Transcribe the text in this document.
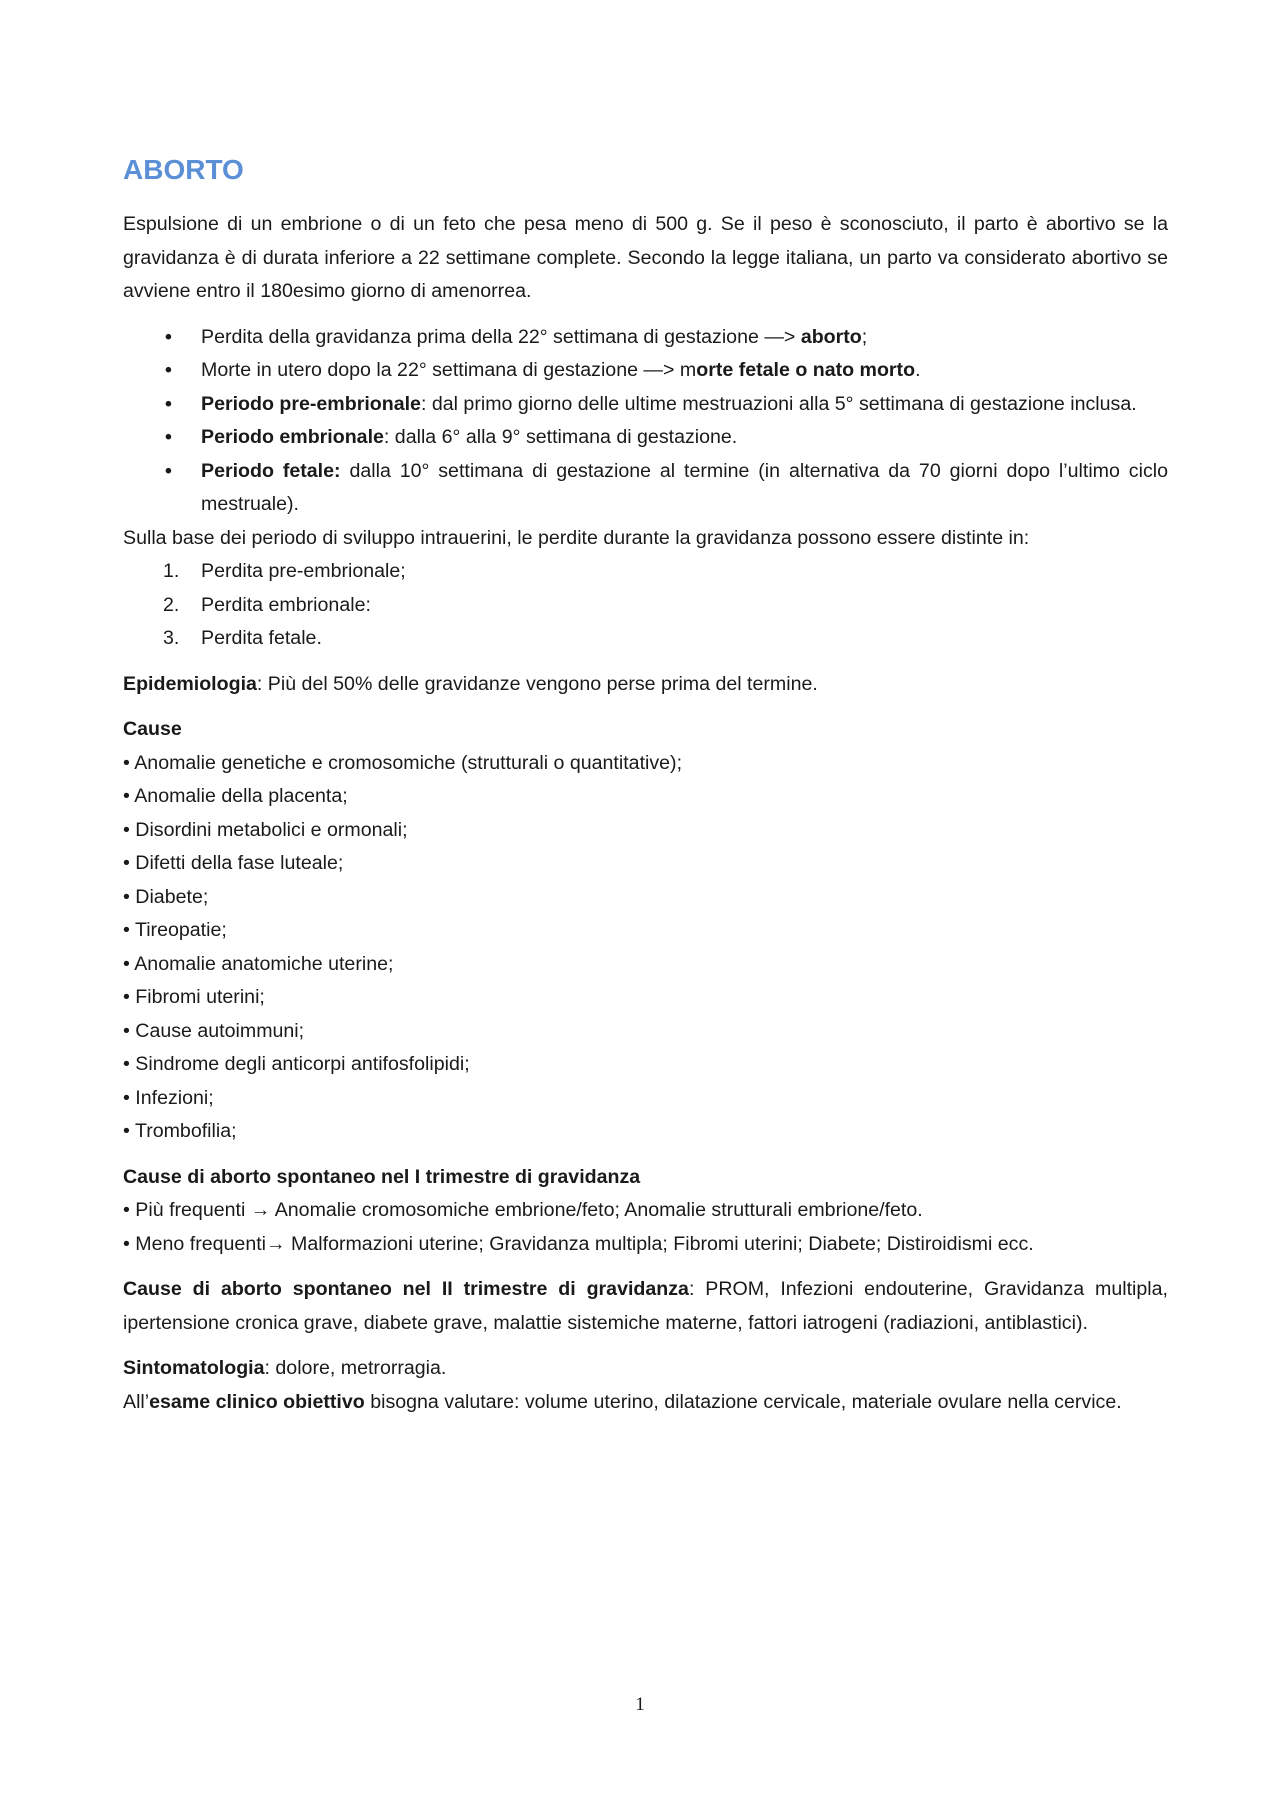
ABORTO

Espulsione di un embrione o di un feto che pesa meno di 500 g. Se il peso è sconosciuto, il parto è abortivo se la gravidanza è di durata inferiore a 22 settimane complete. Secondo la legge italiana, un parto va considerato abortivo se avviene entro il 180esimo giorno di amenorrea.

• Perdita della gravidanza prima della 22° settimana di gestazione —> aborto;
• Morte in utero dopo la 22° settimana di gestazione —> morte fetale o nato morto.
• Periodo pre-embrionale: dal primo giorno delle ultime mestruazioni alla 5° settimana di gestazione inclusa.
• Periodo embrionale: dalla 6° alla 9° settimana di gestazione.
• Periodo fetale: dalla 10° settimana di gestazione al termine (in alternativa da 70 giorni dopo l’ultimo ciclo mestruale).

Sulla base dei periodo di sviluppo intrauerini, le perdite durante la gravidanza possono essere distinte in:

1. Perdita pre-embrionale;
2. Perdita embrionale:
3. Perdita fetale.

Epidemiologia: Più del 50% delle gravidanze vengono perse prima del termine.

Cause

• Anomalie genetiche e cromosomiche (strutturali o quantitative);
• Anomalie della placenta;
• Disordini metabolici e ormonali;
• Difetti della fase luteale;
• Diabete;
• Tireopatie;
• Anomalie anatomiche uterine;
• Fibromi uterini;
• Cause autoimmuni;
• Sindrome degli anticorpi antifosfolipidi;
• Infezioni;
• Trombofilia;

Cause di aborto spontaneo nel I trimestre di gravidanza

• Più frequenti → Anomalie cromosomiche embrione/feto; Anomalie strutturali embrione/feto.
• Meno frequenti→ Malformazioni uterine; Gravidanza multipla; Fibromi uterini; Diabete; Distiroidismi ecc.

Cause di aborto spontaneo nel II trimestre di gravidanza: PROM, Infezioni endouterine, Gravidanza multipla, ipertensione cronica grave, diabete grave, malattie sistemiche materne, fattori iatrogeni (radiazioni, antiblastici).

Sintomatologia: dolore, metrorragia.

All’esame clinico obiettivo bisogna valutare: volume uterino, dilatazione cervicale, materiale ovulare nella cervice.

1
